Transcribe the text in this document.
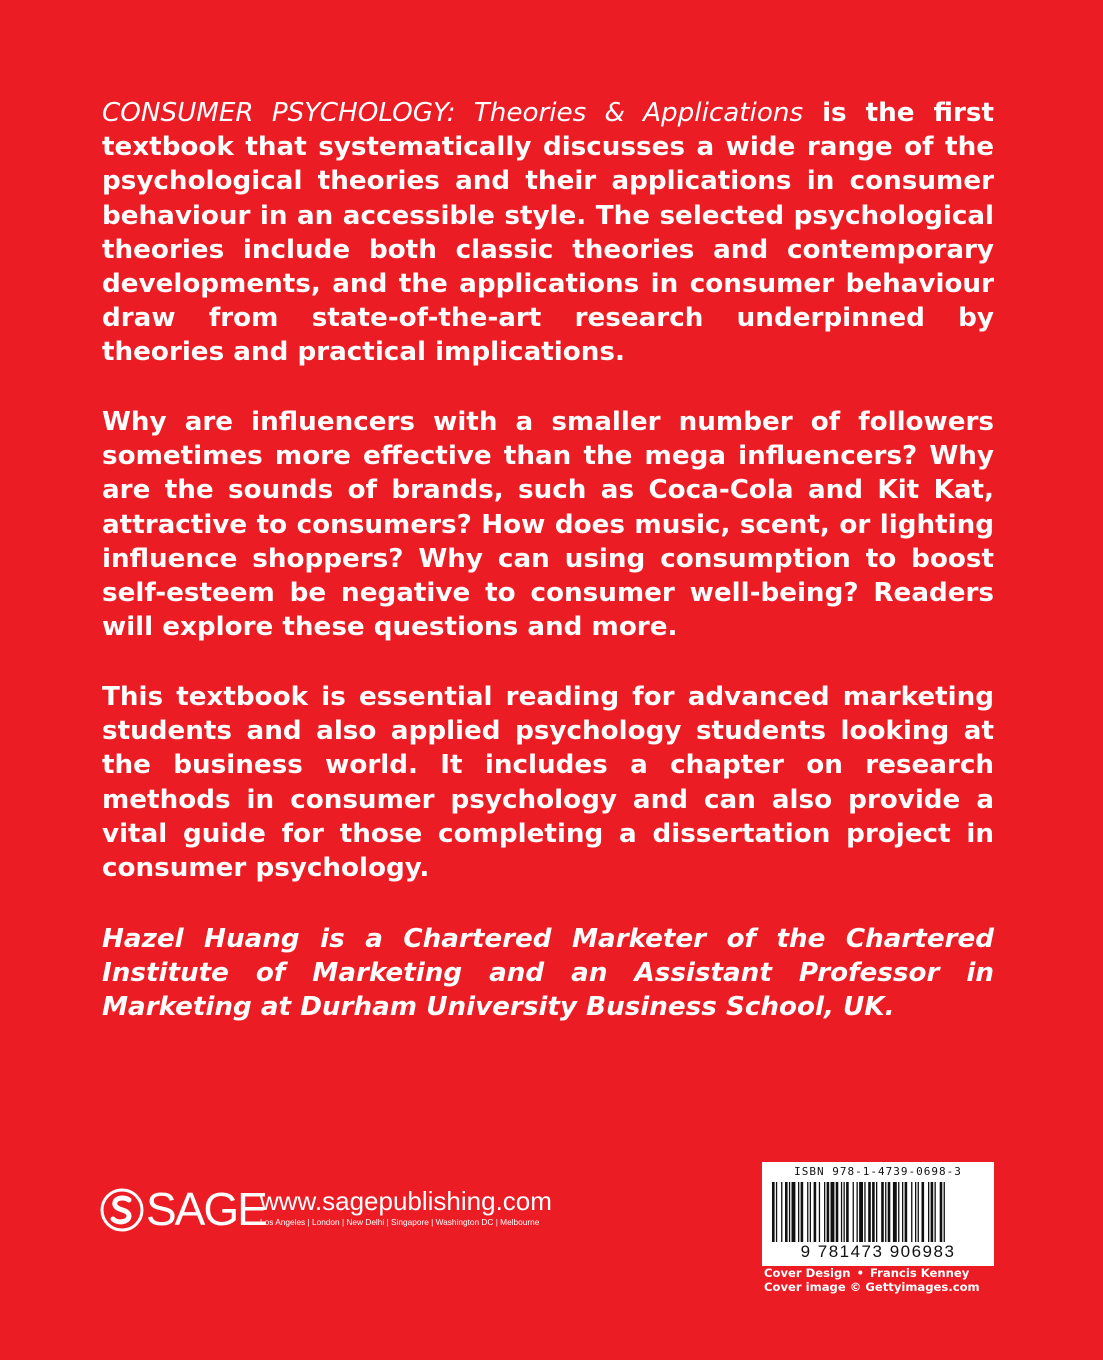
CONSUMER PSYCHOLOGY: Theories & Applications is the first textbook that systematically discusses a wide range of the psychological theories and their applications in consumer behaviour in an accessible style. The selected psychological theories include both classic theories and contemporary developments, and the applications in consumer behaviour draw from state-of-the-art research underpinned by theories and practical implications.

Why are influencers with a smaller number of followers sometimes more effective than the mega influencers? Why are the sounds of brands, such as Coca-Cola and Kit Kat, attractive to consumers? How does music, scent, or lighting influence shoppers? Why can using consumption to boost self-esteem be negative to consumer well-being? Readers will explore these questions and more.

This textbook is essential reading for advanced marketing students and also applied psychology students looking at the business world. It includes a chapter on research methods in consumer psychology and can also provide a vital guide for those completing a dissertation project in consumer psychology.

Hazel Huang is a Chartered Marketer of the Chartered Institute of Marketing and an Assistant Professor in Marketing at Durham University Business School, UK.

SAGE
www.sagepublishing.com
Los Angeles | London | New Delhi | Singapore | Washington DC | Melbourne
ISBN 978-1-4739-0698-3
9 781473 906983
Cover Design • Francis Kenney
Cover image © Gettyimages.com
